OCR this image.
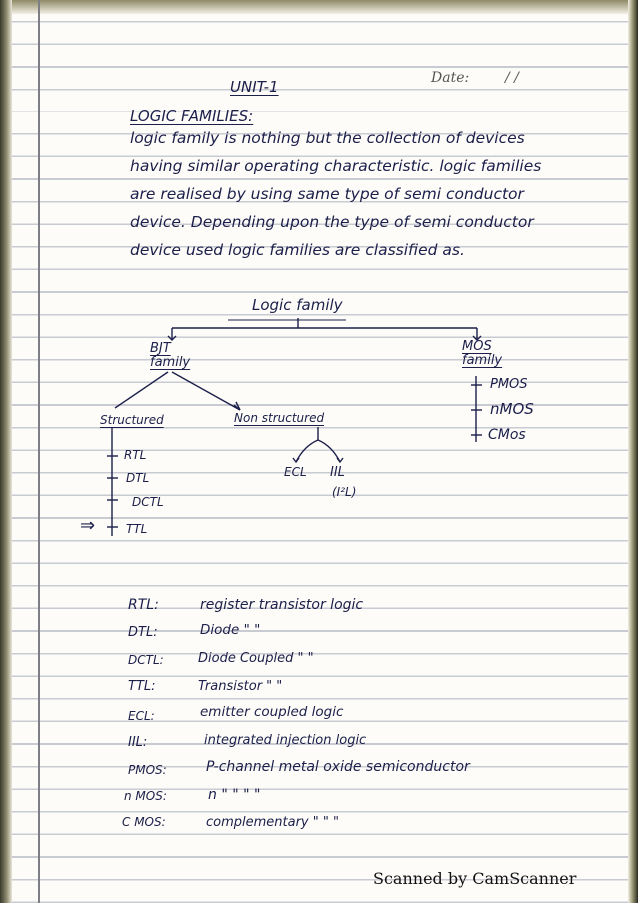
UNIT-1	Date:	/ /
LOGIC FAMILIES:
logic family is nothing but the collection of devices
having similar operating characteristic. logic families
are realised by using same type of semi conductor
device. Depending upon the type of semi conductor
device used logic families are classified as.
Logic family
BJT family
MOS family
PMOS
nMOS
CMos
Structured	Non structured
RTL
DTL
DCTL
TTL
⇒
ECL IIL
(I²L)
RTL:	register transistor logic
DTL:	Diode " "
DCTL:	Diode Coupled " "
TTL:	Transistor " "
ECL:	emitter coupled logic
IIL:	integrated injection logic
PMOS:	P-channel metal oxide semiconductor
n MOS:	n " " " "
C MOS:	complementary " " "
Scanned by CamScanner
